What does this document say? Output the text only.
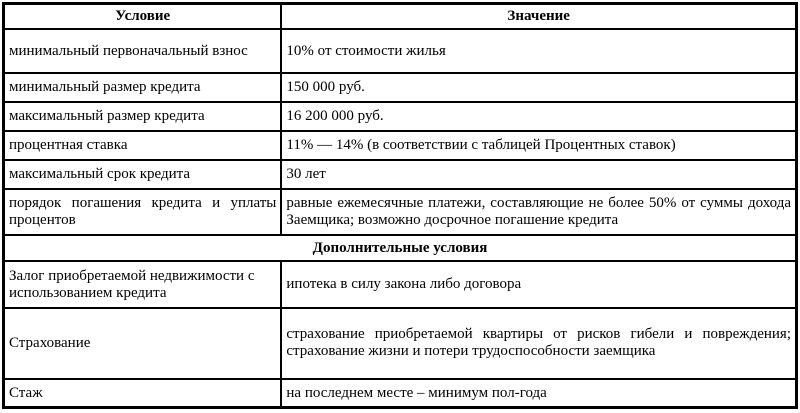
Условие	Значение
минимальный первоначальный взнос	10% от стоимости жилья
минимальный размер кредита	150 000 руб.
максимальный размер кредита	16 200 000 руб.
процентная ставка	11% — 14% (в соответствии с таблицей Процентных ставок)
максимальный срок кредита	30 лет
порядок погашения кредита и уплаты процентов	равные ежемесячные платежи, составляющие не более 50% от суммы дохода Заемщика; возможно досрочное погашение кредита
Дополнительные условия	
Залог приобретаемой недвижимости с использованием кредита	ипотека в силу закона либо договора
Страхование	страхование приобретаемой квартиры от рисков гибели и повреждения; страхование жизни и потери трудоспособности заемщика
Стаж	на последнем месте – минимум пол-года
